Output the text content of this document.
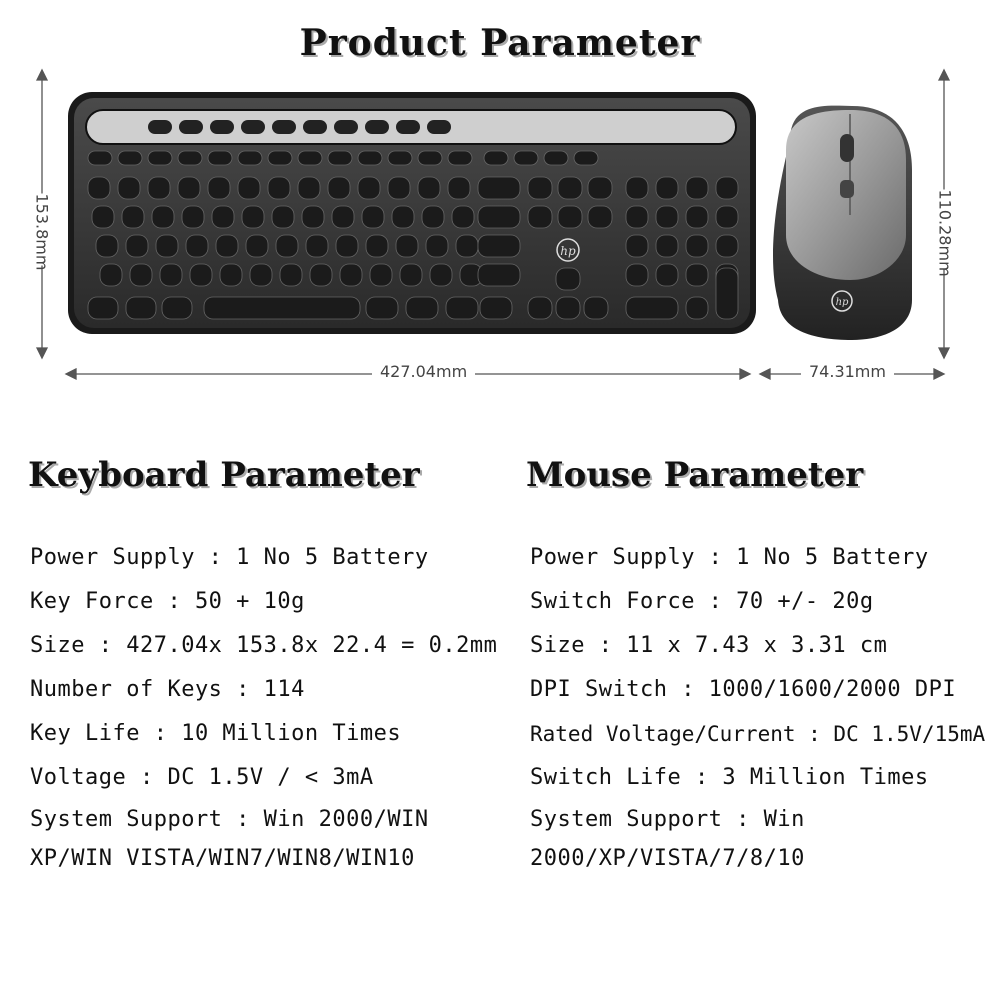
Product Parameter
hp
hp
427.04mm	74.31mm
153.8mm	110.28mm
Keyboard Parameter
Power Supply : 1 No 5 Battery
Key Force : 50 + 10g
Size : 427.04x 153.8x 22.4 = 0.2mm
Number of Keys : 114
Key Life : 10 Million Times
Voltage : DC 1.5V / < 3mA
System Support : Win 2000/WIN XP/WIN VISTA/WIN7/WIN8/WIN10
Mouse Parameter
Power Supply : 1 No 5 Battery
Switch Force : 70 +/- 20g
Size : 11 x 7.43 x 3.31 cm
DPI Switch : 1000/1600/2000 DPI
Rated Voltage/Current : DC 1.5V/15mA
Switch Life : 3 Million Times
System Support : Win 2000/XP/VISTA/7/8/10
